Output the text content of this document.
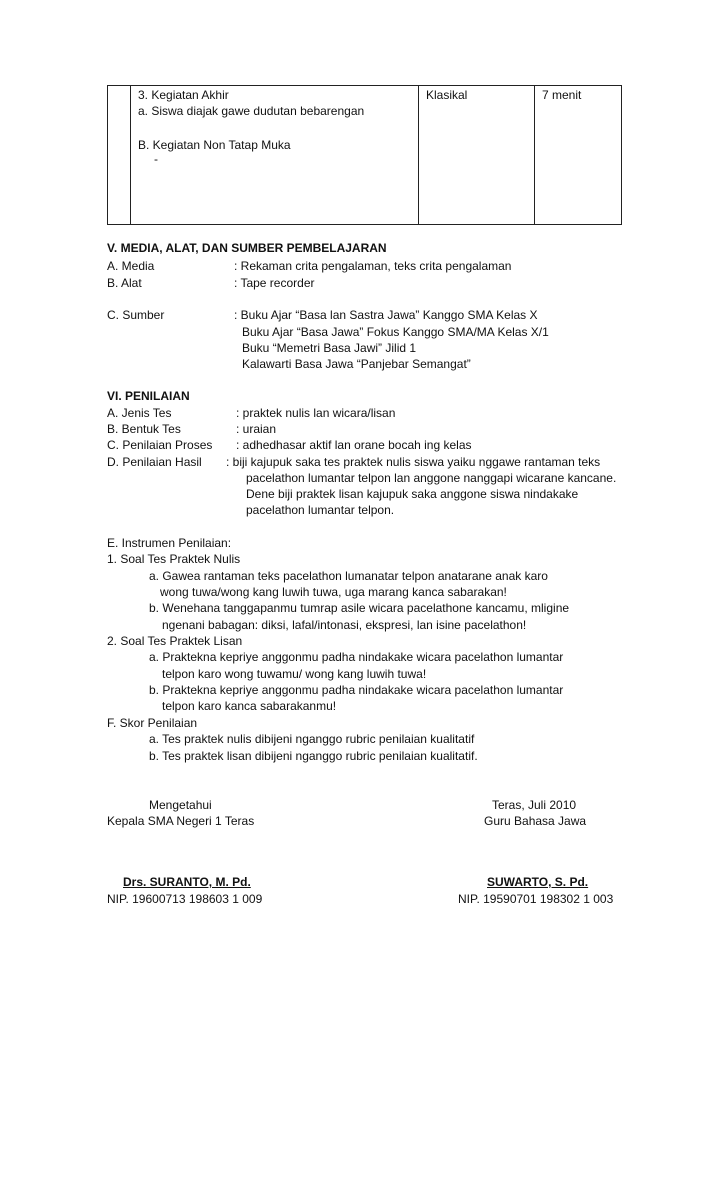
3. Kegiatan Akhir
a. Siswa diajak gawe dudutan bebarengan
B. Kegiatan Non Tatap Muka
-
Klasikal	7 menit
V. MEDIA, ALAT, DAN SUMBER PEMBELAJARAN
A. Media	: Rekaman crita pengalaman, teks crita pengalaman
B. Alat	: Tape recorder
C. Sumber	: Buku Ajar “Basa lan Sastra Jawa” Kanggo SMA Kelas X
Buku Ajar “Basa Jawa” Fokus Kanggo SMA/MA Kelas X/1
Buku “Memetri Basa Jawi” Jilid 1
Kalawarti Basa Jawa “Panjebar Semangat”
VI. PENILAIAN
A. Jenis Tes	: praktek nulis lan wicara/lisan
B. Bentuk Tes	: uraian
C. Penilaian Proses : adhedhasar aktif lan orane bocah ing kelas
D. Penilaian Hasil : biji kajupuk saka tes praktek nulis siswa yaiku nggawe rantaman teks
pacelathon lumantar telpon lan anggone nanggapi wicarane kancane.
Dene biji praktek lisan kajupuk saka anggone siswa nindakake
pacelathon lumantar telpon.
E. Instrumen Penilaian:
1. Soal Tes Praktek Nulis
a. Gawea rantaman teks pacelathon lumanatar telpon anatarane anak karo
wong tuwa/wong kang luwih tuwa, uga marang kanca sabarakan!
b. Wenehana tanggapanmu tumrap asile wicara pacelathone kancamu, mligine
ngenani babagan: diksi, lafal/intonasi, ekspresi, lan isine pacelathon!
2. Soal Tes Praktek Lisan
a. Praktekna kepriye anggonmu padha nindakake wicara pacelathon lumantar
telpon karo wong tuwamu/ wong kang luwih tuwa!
b. Praktekna kepriye anggonmu padha nindakake wicara pacelathon lumantar
telpon karo kanca sabarakanmu!
F. Skor Penilaian
a. Tes praktek nulis dibijeni nganggo rubric penilaian kualitatif
b. Tes praktek lisan dibijeni nganggo rubric penilaian kualitatif.
Mengetahui
Kepala SMA Negeri 1 Teras
Drs. SURANTO, M. Pd.
NIP. 19600713 198603 1 009
Teras, Juli 2010
Guru Bahasa Jawa
SUWARTO, S. Pd.
NIP. 19590701 198302 1 003
